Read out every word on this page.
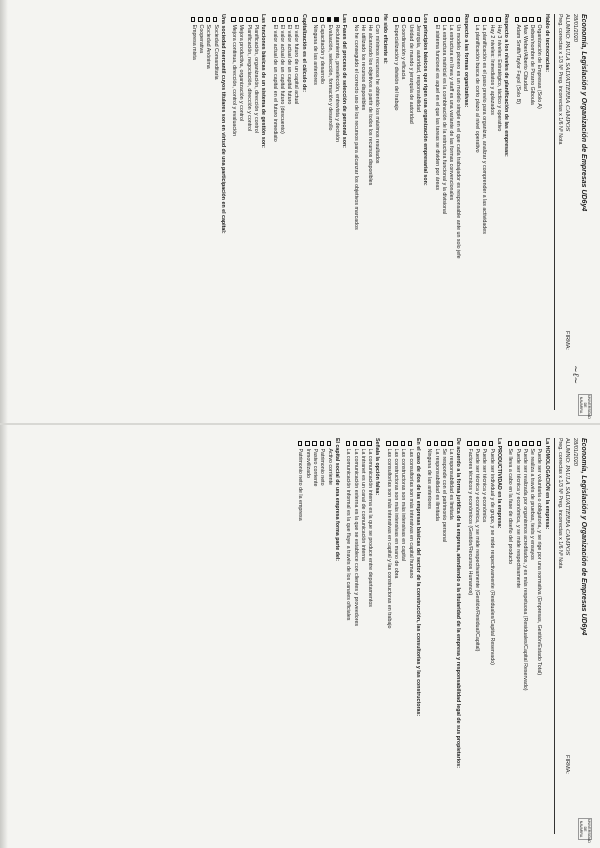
UNIVERSIDAD DE NAVARRA
Economía, Legislación y Organización de Empresas UD6y4
28/01/2020
ALUMNO: PAULA SALVATIERRA CAMPOS
FIRMA:
Preg. correctas x 1/3 Nº Preg. incorrectas x 1/6 Nº Nota
Hablo de tecnocracias:
Organización de Empresas (Solo A)
Deben/nombre de Pizarro Giboula
Max Weber/Alberto Cibudad
Adam Smith/Taylor Fayol (Solo B)
Respecto a los niveles de planificación de las empresas:
Hay 3 niveles: Estratégico, táctico y operativo
Hay 2 niveles: Inmediatos y aplazados
La planificación es el paso previo para organizar, analizar y comprender a las actividades
La planificación busca de corto plazo al nivel operativo
Respecto a las formas organizativas:
Un modelo pionero es un modelo simple en el que cada trabajador es responsable ante un solo jefe
La estructura en línea y staff es una variante de las formas convencionales
La estructura matricial es la combinación de la estructura funcional y la divisional
El sistema funcional es aquel en el que las tareas se dividen por áreas
Los principios básicos que rigen una organización empresarial son:
Jerarquía, autoridad, responsabilidad
Unidad de mando y jerarquía de autoridad
Coordinación y eficacia
Especialización y división del trabajo
He sido eficiente si:
Con mínimos recursos he obtenido los máximos resultados
He alcanzado los objetivos a partir de todos los recursos disponibles
He utilizado los recursos disponibles
No he conseguido el correcto uso de los recursos para alcanzar los objetivos marcados
Las Fases del proceso de selección de personal son:
Reclutamiento, preselección, entrevista y decisión
Evaluación, selección, formación y desarrollo
Capacitación y desarrollo
Ninguna de las anteriores
Capitalización es el cálculo de:
El valor futuro de un capital actual
El valor actual de un capital futuro
El valor actual de un capital futuro (descuento)
El valor actual de un capital en el futuro inmediato
Las funciones básicas de un sistema de gestión son:
Planificación, organización, dirección y control
Planificación, negociación, dirección y control
Mejora productiva, organización y control
Mejora continua, dirección, control y evaluación
Una sociedad mercantil cuyos titulares son en virtud de una participación en el capital:
Sociedad Comanditaria
Sociedad Anónima
Cooperativa
Empresa mixta
~ℓ~
UNIVERSIDAD DE NAVARRA
Economía, Legislación y Organización de Empresas UD6y4
28/01/2020
ALUMNO: PAULA SALVATIERRA CAMPOS
FIRMA:
Preg. correctas x 1/3 Nº Preg. incorrectas x 1/6 Nº Nota
La HOMOLOGACIÓN en la empresa:
Puede ser voluntaria o obligatoria, y se rige por una normativa (Empresas, Gestión/Estado Total)
Se realiza a través de pruebas, tests y ensayos
Puede ser realizada por organismos acreditados, y es más respetuosa (Residuales/Capital Reservado)
Puede ser técnica y económica, y se mide respectivamente
Se lleva a cabo en la fase de diseño del producto
La PRODUCTIVIDAD en la empresa:
Puede ser individual y de grupo, y se mide respectivamente (Residuales/Capital Reservado)
Puede ser técnica y económica
Puede ser técnica y económica, y se mide respectivamente (Gestión/Residual/Capital)
Factores técnicos y económicos (Gestión/Recursos Humanos)
De acuerdo a la forma jurídica de la empresa, atendiendo a la titularidad de la empresa y responsabilidad legal de sus propietarios:
La responsabilidad es limitada
Se responde con el patrimonio personal
La responsabilidad es ilimitada
Ninguna de las anteriores
En el caso de dos de las empresas básicas del sector de la construcción, las consultorías y las constructoras:
Las consultorías son más intensivas en capital humano
Las constructoras son más intensivas en capital
Las constructoras son más intensivas en mano de obra
Las consultorías son más intensivas en capital y las constructoras en trabajo
Señala la opción falsa:
La comunicación interna es la que se produce entre departamentos
La intranet es un canal de comunicación interna
La comunicación externa es la que se establece con clientes y proveedores
La comunicación informal es la que fluye a través de los canales oficiales
El capital social de una empresa forma parte del:
Activo corriente
Patrimonio neto
Pasivo corriente
Inmovilizado
Patrimonio neto de la empresa
